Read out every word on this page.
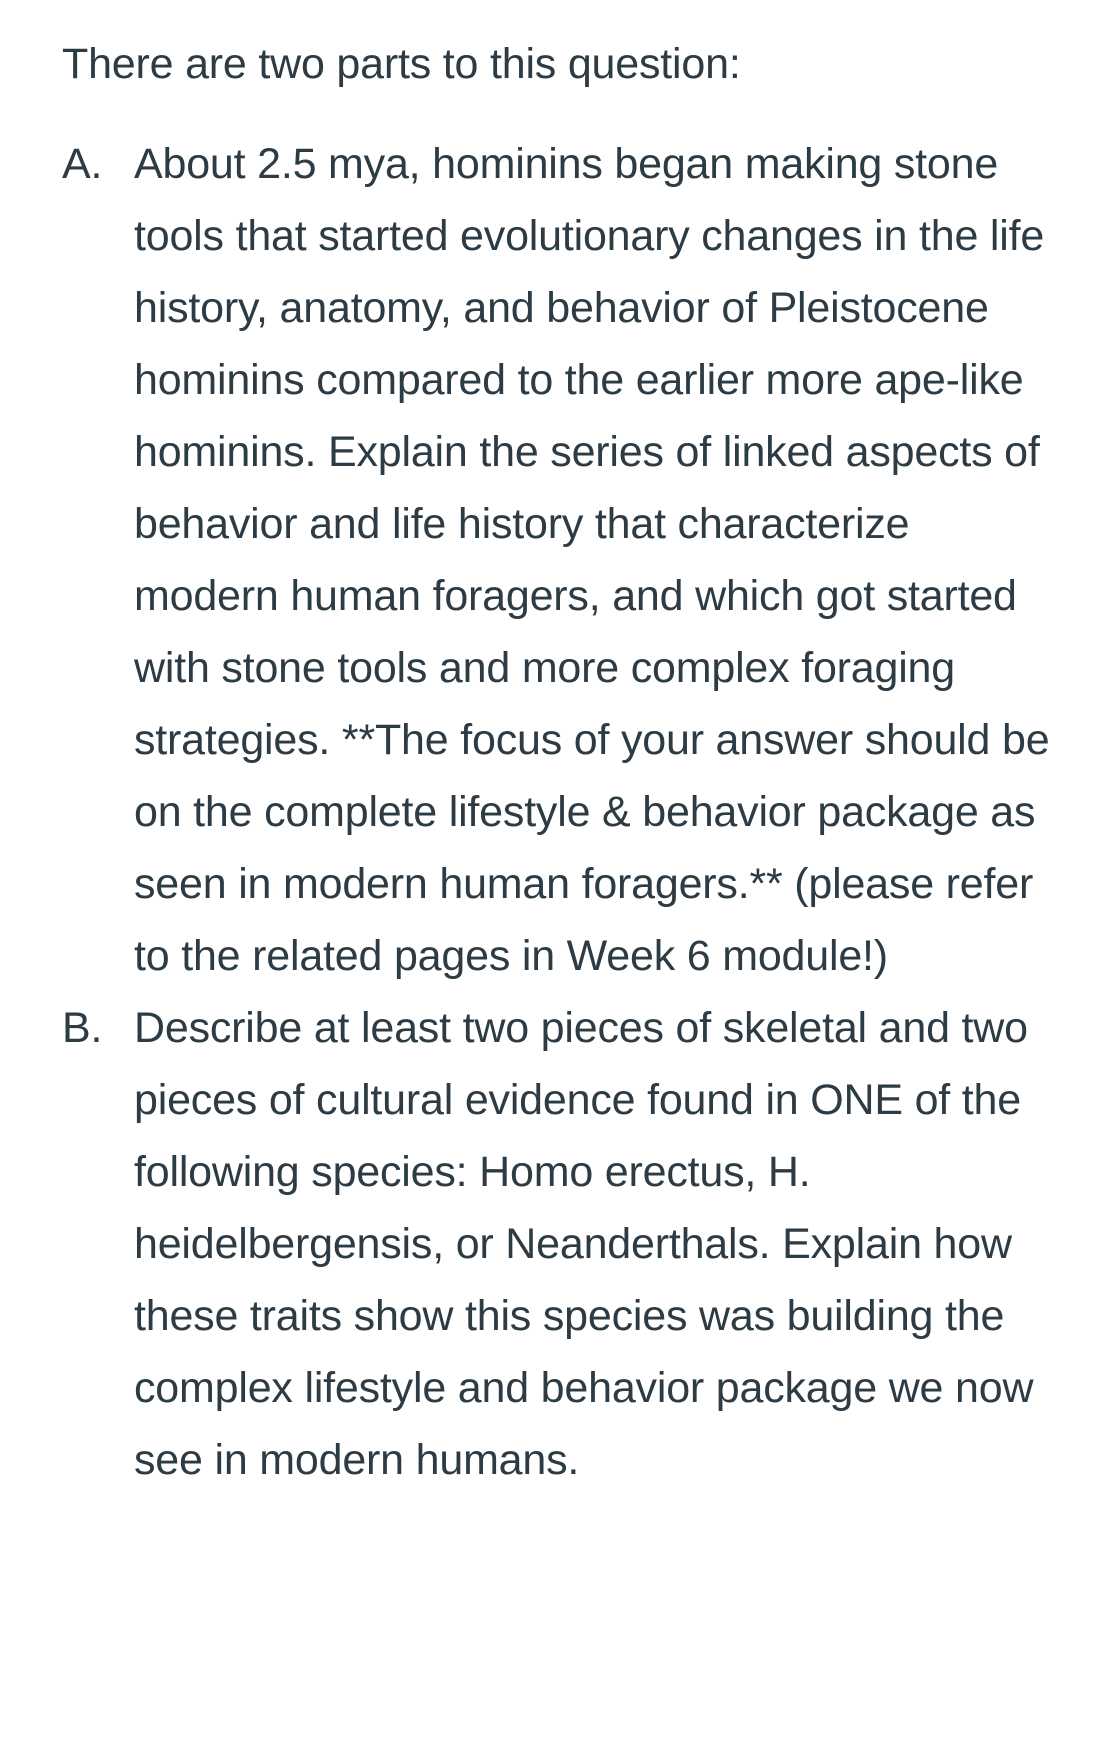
There are two parts to this question:

A. About 2.5 mya, hominins began making stone tools that started evolutionary changes in the life history, anatomy, and behavior of Pleistocene hominins compared to the earlier more ape-like hominins. Explain the series of linked aspects of behavior and life history that characterize modern human foragers, and which got started with stone tools and more complex foraging strategies. **The focus of your answer should be on the complete lifestyle & behavior package as seen in modern human foragers.** (please refer to the related pages in Week 6 module!)
B. Describe at least two pieces of skeletal and two pieces of cultural evidence found in ONE of the following species: Homo erectus, H. heidelbergensis, or Neanderthals. Explain how these traits show this species was building the complex lifestyle and behavior package we now see in modern humans.
